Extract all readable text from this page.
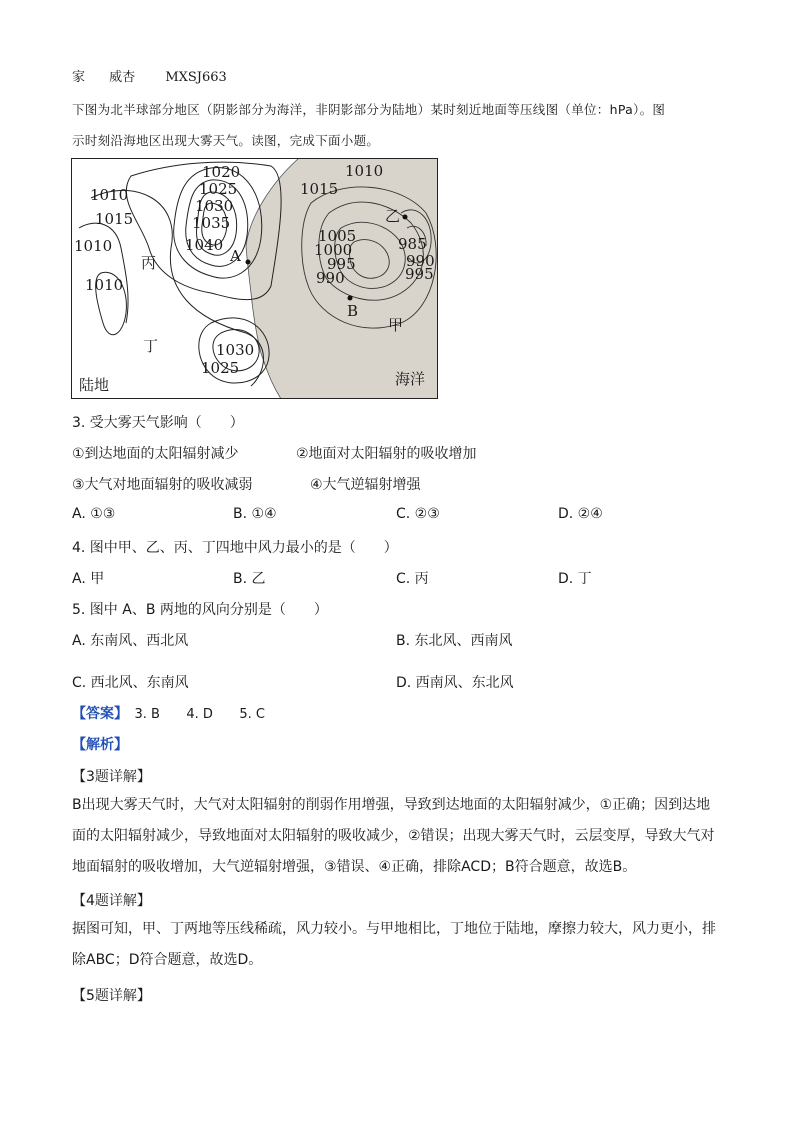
家 威杏 MXSJ663
下图为北半球部分地区（阴影部分为海洋，非阴影部分为陆地）某时刻近地面等压线图（单位：hPa）。图
示时刻沿海地区出现大雾天气。读图，完成下面小题。
1020
1025
1030
1035
1040
1010
1015
1010
1010
1015
1010
1005
1000
995
990
985
990
995
1030
1025
A
B
乙
甲
丙
丁
陆地	海洋
3. 受大雾天气影响（　　）
①到达地面的太阳辐射减少	②地面对太阳辐射的吸收增加
③大气对地面辐射的吸收减弱	④大气逆辐射增强
A. ①③	B. ①④	C. ②③	D. ②④
4. 图中甲、乙、丙、丁四地中风力最小的是（　　）
A. 甲	B. 乙	C. 丙	D. 丁
5. 图中 A、B 两地的风向分别是（　　）
A. 东南风、西北风	B. 东北风、西南风
C. 西北风、东南风	D. 西南风、东北风
【答案】 3. B 4. D 5. C
【解析】
【3题详解】
B出现大雾天气时，大气对太阳辐射的削弱作用增强，导致到达地面的太阳辐射减少，①正确；因到达地面的太阳辐射减少，导致地面对太阳辐射的吸收减少，②错误；出现大雾天气时，云层变厚，导致大气对地面辐射的吸收增加，大气逆辐射增强，③错误、④正确，排除ACD；B符合题意，故选B。
【4题详解】
据图可知，甲、丁两地等压线稀疏，风力较小。与甲地相比，丁地位于陆地，摩擦力较大，风力更小，排除ABC；D符合题意，故选D。
【5题详解】
